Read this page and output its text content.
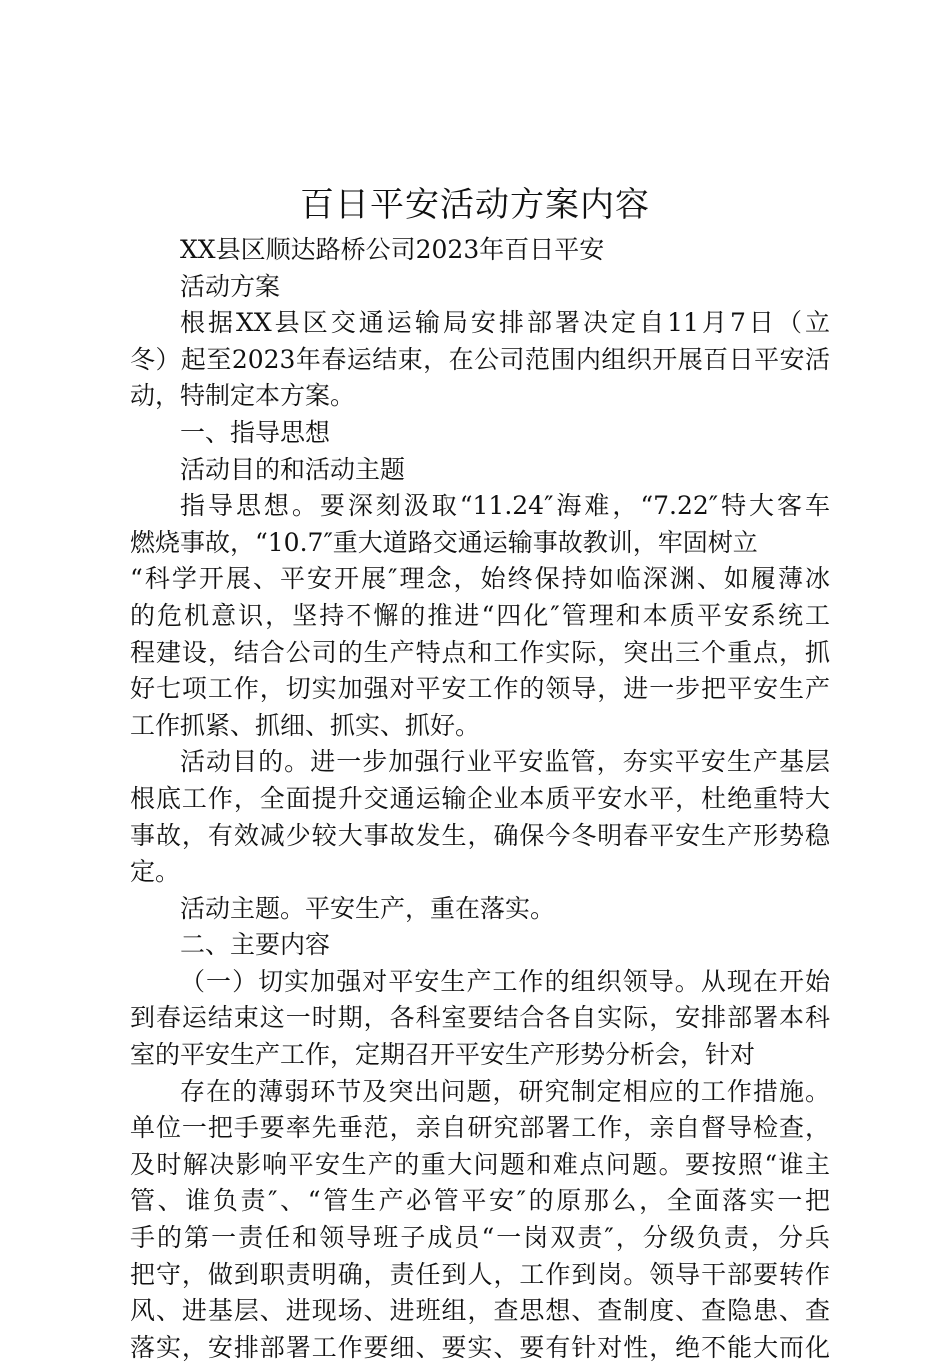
百日平安活动方案内容
XX县区顺达路桥公司2023年百日平安
活动方案
根据XX县区交通运输局安排部署决定自11月7日（立
冬）起至2023年春运结束，在公司范围内组织开展百日平安活
动，特制定本方案。
一、指导思想
活动目的和活动主题
指导思想。要深刻汲取“11.24″海难，“7.22″特大客车
燃烧事故，“10.7″重大道路交通运输事故教训，牢固树立
“科学开展、平安开展″理念，始终保持如临深渊、如履薄冰
的危机意识，坚持不懈的推进“四化″管理和本质平安系统工
程建设，结合公司的生产特点和工作实际，突出三个重点，抓
好七项工作，切实加强对平安工作的领导，进一步把平安生产
工作抓紧、抓细、抓实、抓好。
活动目的。进一步加强行业平安监管，夯实平安生产基层
根底工作，全面提升交通运输企业本质平安水平，杜绝重特大
事故，有效减少较大事故发生，确保今冬明春平安生产形势稳
定。
活动主题。平安生产，重在落实。
二、主要内容
（一）切实加强对平安生产工作的组织领导。从现在开始
到春运结束这一时期，各科室要结合各自实际，安排部署本科
室的平安生产工作，定期召开平安生产形势分析会，针对
存在的薄弱环节及突出问题，研究制定相应的工作措施。
单位一把手要率先垂范，亲自研究部署工作，亲自督导检查，
及时解决影响平安生产的重大问题和难点问题。要按照“谁主
管、谁负责″、“管生产必管平安″的原那么，全面落实一把
手的第一责任和领导班子成员“一岗双责″，分级负责，分兵
把守，做到职责明确，责任到人，工作到岗。领导干部要转作
风、进基层、进现场、进班组，查思想、查制度、查隐患、查
落实，安排部署工作要细、要实、要有针对性，绝不能大而化
